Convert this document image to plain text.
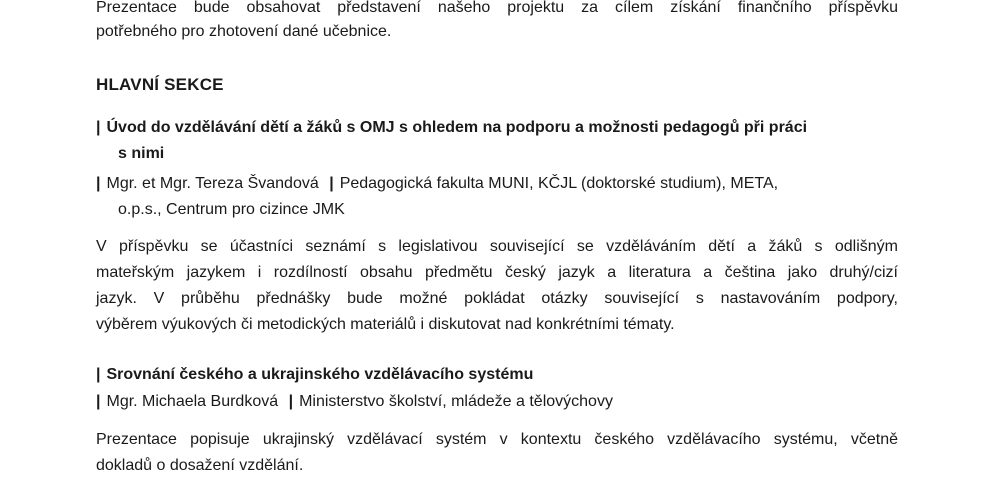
Prezentace bude obsahovat představení našeho projektu za cílem získání finančního příspěvku
potřebného pro zhotovení dané učebnice.
HLAVNÍ SEKCE
| Úvod do vzdělávání dětí a žáků s OMJ s ohledem na podporu a možnosti pedagogů při práci
s nimi
| Mgr. et Mgr. Tereza Švandová | Pedagogická fakulta MUNI, KČJL (doktorské studium), META,
o.p.s., Centrum pro cizince JMK
V příspěvku se účastníci seznámí s legislativou související se vzděláváním dětí a žáků s odlišným
mateřským jazykem i rozdílností obsahu předmětu český jazyk a literatura a čeština jako druhý/cizí
jazyk. V průběhu přednášky bude možné pokládat otázky související s nastavováním podpory,
výběrem výukových či metodických materiálů i diskutovat nad konkrétními tématy.
| Srovnání českého a ukrajinského vzdělávacího systému
| Mgr. Michaela Burdková | Ministerstvo školství, mládeže a tělovýchovy
Prezentace popisuje ukrajinský vzdělávací systém v kontextu českého vzdělávacího systému, včetně
dokladů o dosažení vzdělání.
